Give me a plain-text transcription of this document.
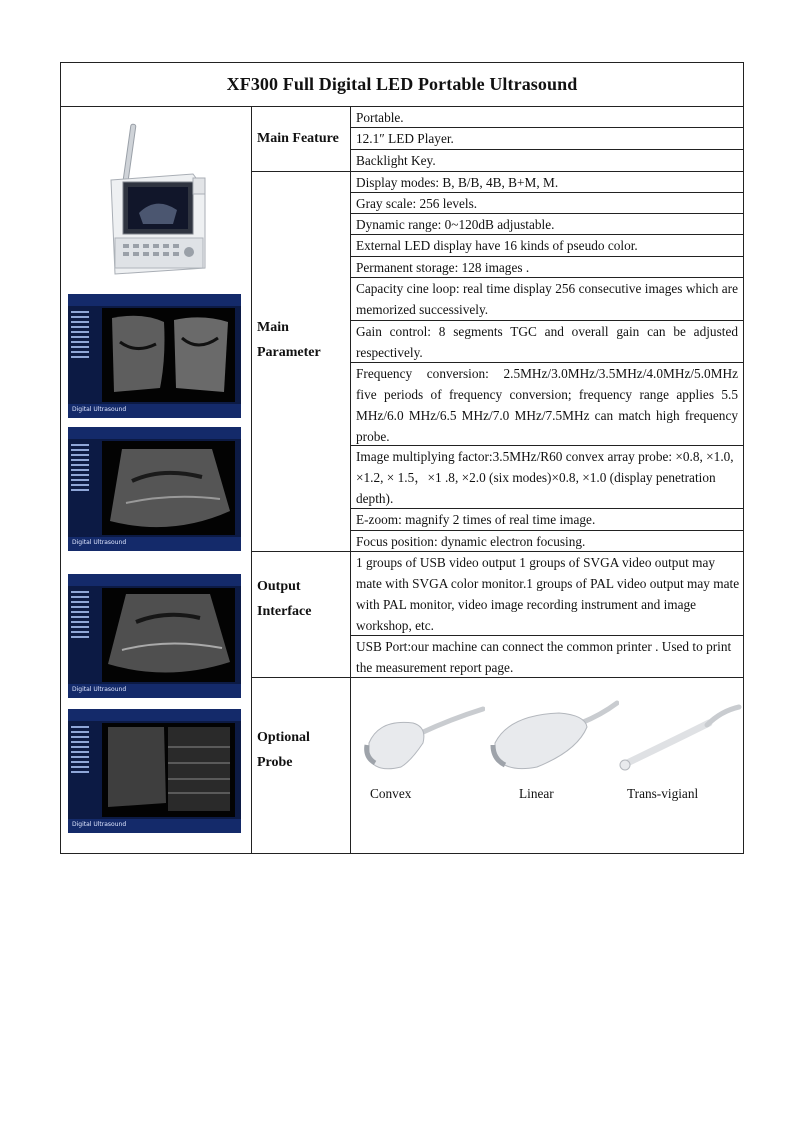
XF300 Full Digital LED Portable Ultrasound
Digital Ultrasound
Digital Ultrasound
Digital Ultrasound
Digital Ultrasound
Main Feature
Main
Parameter
Output
Interface
Optional
Probe
Portable.
12.1″ LED Player.
Backlight Key.
Display modes: B, B/B, 4B, B+M, M.
Gray scale: 256 levels.
Dynamic range: 0~120dB adjustable.
External LED display have 16 kinds of pseudo color.
Permanent storage: 128 images .
Capacity cine loop: real time display 256 consecutive images which are memorized successively.
Gain control: 8 segments TGC and overall gain can be adjusted respectively.
Frequency conversion: 2.5MHz/3.0MHz/3.5MHz/4.0MHz/5.0MHz five periods of frequency conversion; frequency range applies 5.5 MHz/6.0 MHz/6.5 MHz/7.0 MHz/7.5MHz can match high frequency probe.
Image multiplying factor:3.5MHz/R60 convex array probe: ×0.8, ×1.0, ×1.2, × 1.5，×1 .8, ×2.0 (six modes)×0.8, ×1.0 (display penetration depth).
E-zoom: magnify 2 times of real time image.
Focus position: dynamic electron focusing.
1 groups of USB video output 1 groups of SVGA video output may mate with SVGA color monitor.1 groups of PAL video output may mate with PAL monitor, video image recording instrument and image workshop, etc.
USB Port:our machine can connect the common printer . Used to print the measurement report page.
Convex	Linear	Trans-vigianl
